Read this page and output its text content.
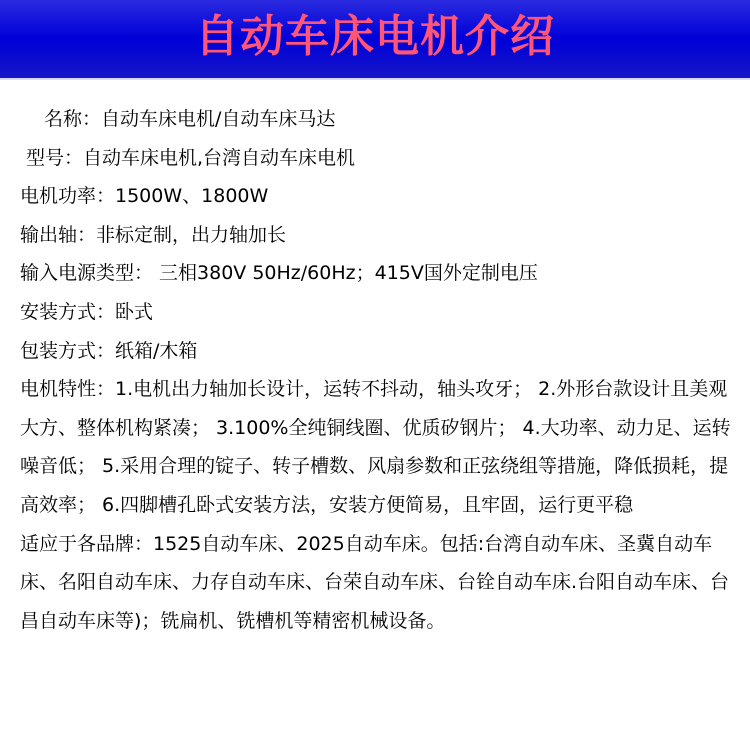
自动车床电机介绍
名称：自动车床电机/自动车床马达
型号：自动车床电机,台湾自动车床电机
电机功率：1500W、1800W
输出轴：非标定制，出力轴加长
输入电源类型： 三相380V 50Hz/60Hz；415V国外定制电压
安装方式：卧式
包装方式：纸箱/木箱
电机特性：1.电机出力轴加长设计，运转不抖动，轴头攻牙； 2.外形台款设计且美观大方、整体机构紧凑； 3.100%全纯铜线圈、优质矽钢片； 4.大功率、动力足、运转噪音低； 5.采用合理的锭子、转子槽数、风扇参数和正弦绕组等措施，降低损耗，提高效率； 6.四脚槽孔卧式安装方法，安装方便简易，且牢固，运行更平稳
适应于各品牌：1525自动车床、2025自动车床。包括:台湾自动车床、圣冀自动车床、名阳自动车床、力存自动车床、台荣自动车床、台铨自动车床.台阳自动车床、台昌自动车床等)；铣扁机、铣槽机等精密机械设备。
